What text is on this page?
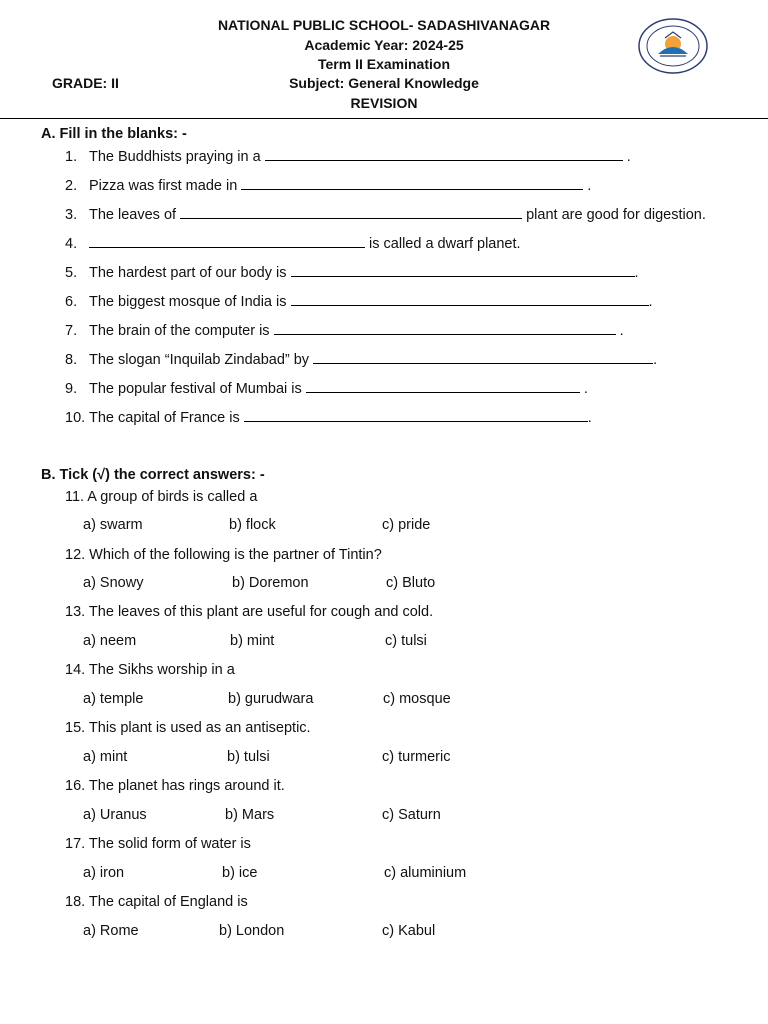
NATIONAL PUBLIC SCHOOL- SADASHIVANAGAR
Academic Year: 2024-25
Term II Examination
Subject: General Knowledge
REVISION
GRADE: II
A. Fill in the blanks: -
1. The Buddhists praying in a	.
2. Pizza was first made in	.
3. The leaves of	plant are good for digestion.
4.	is called a dwarf planet.
5. The hardest part of our body is	.
6. The biggest mosque of India is	.
7. The brain of the computer is	.
8. The slogan “Inquilab Zindabad” by	.
9. The popular festival of Mumbai is	.
10. The capital of France is	.
B. Tick (√) the correct answers: -
11. A group of birds is called a
a) swarm	b) flock	c) pride
12. Which of the following is the partner of Tintin?
a) Snowy	b) Doremon	c) Bluto
13. The leaves of this plant are useful for cough and cold.
a) neem	b) mint	c) tulsi
14. The Sikhs worship in a
a) temple	b) gurudwara	c) mosque
15. This plant is used as an antiseptic.
a) mint	b) tulsi	c) turmeric
16. The planet has rings around it.
a) Uranus	b) Mars	c) Saturn
17. The solid form of water is
a) iron	b) ice	c) aluminium
18. The capital of England is
a) Rome	b) London	c) Kabul
